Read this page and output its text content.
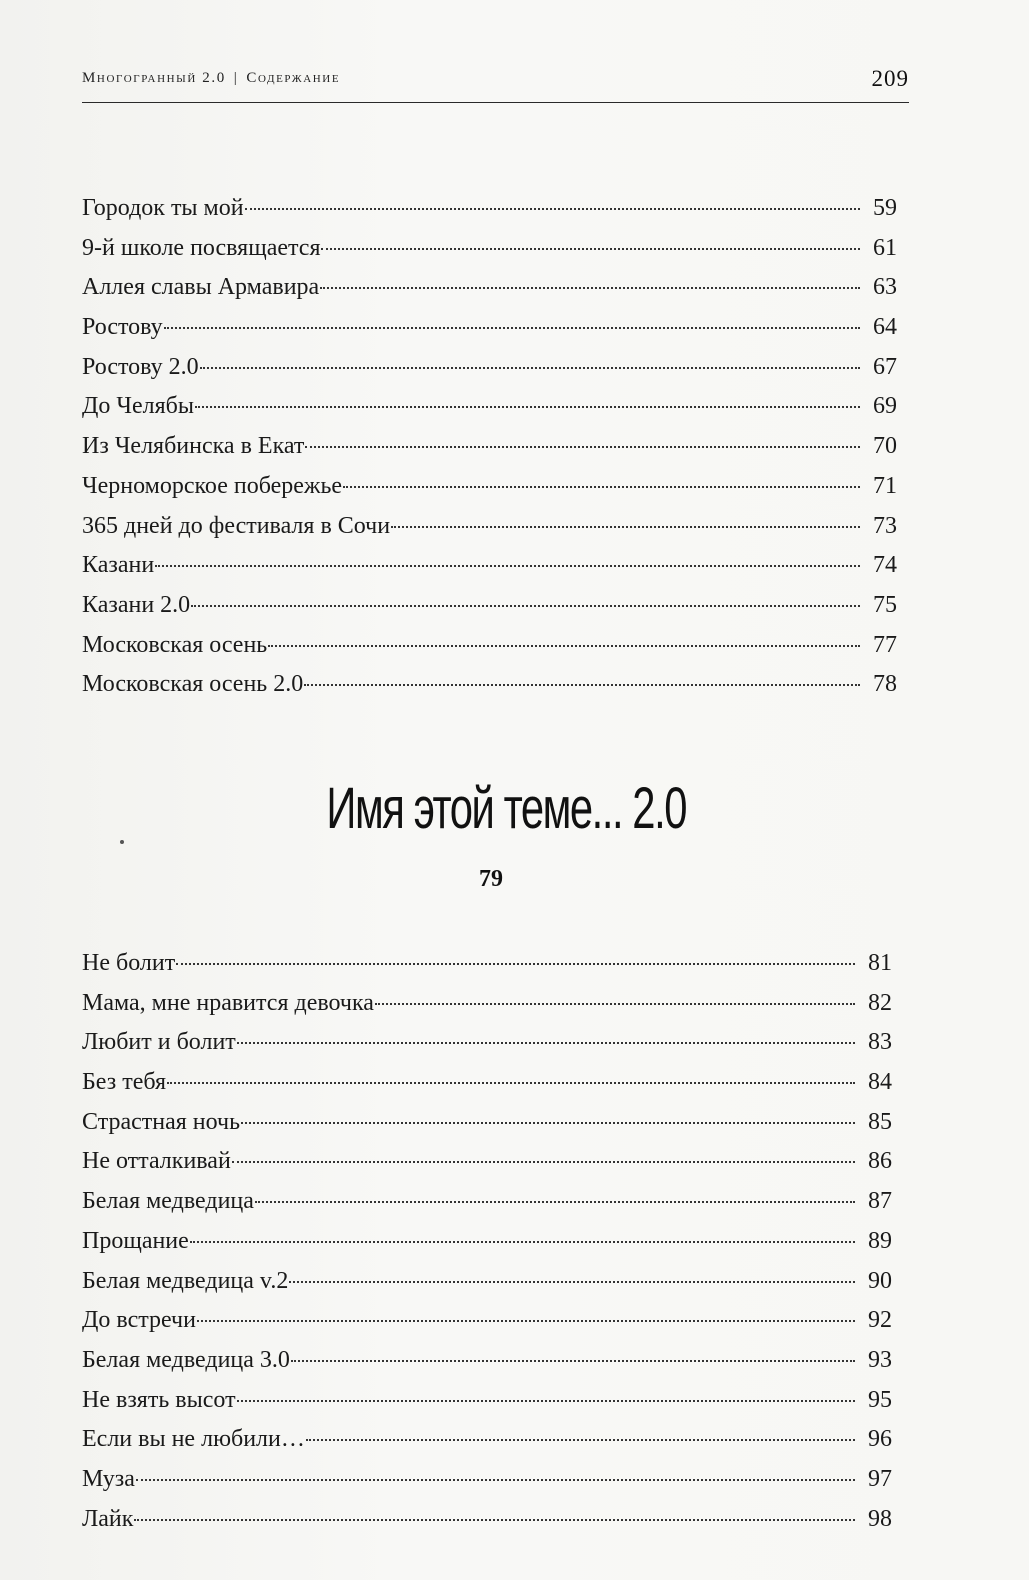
Многогранный 2.0 | Содержание	209
Городок ты мой	59
9-й школе посвящается	61
Аллея славы Армавира	63
Ростову	64
Ростову 2.0	67
До Челябы	69
Из Челябинска в Екат	70
Черноморское побережье	71
365 дней до фестиваля в Сочи	73
Казани	74
Казани 2.0	75
Московская осень	77
Московская осень 2.0	78
Имя этой теме... 2.0
79
Не болит	81
Мама, мне нравится девочка	82
Любит и болит	83
Без тебя	84
Страстная ночь	85
Не отталкивай	86
Белая медведица	87
Прощание	89
Белая медведица v.2	90
До встречи	92
Белая медведица 3.0	93
Не взять высот	95
Если вы не любили…	96
Муза	97
Лайк	98
